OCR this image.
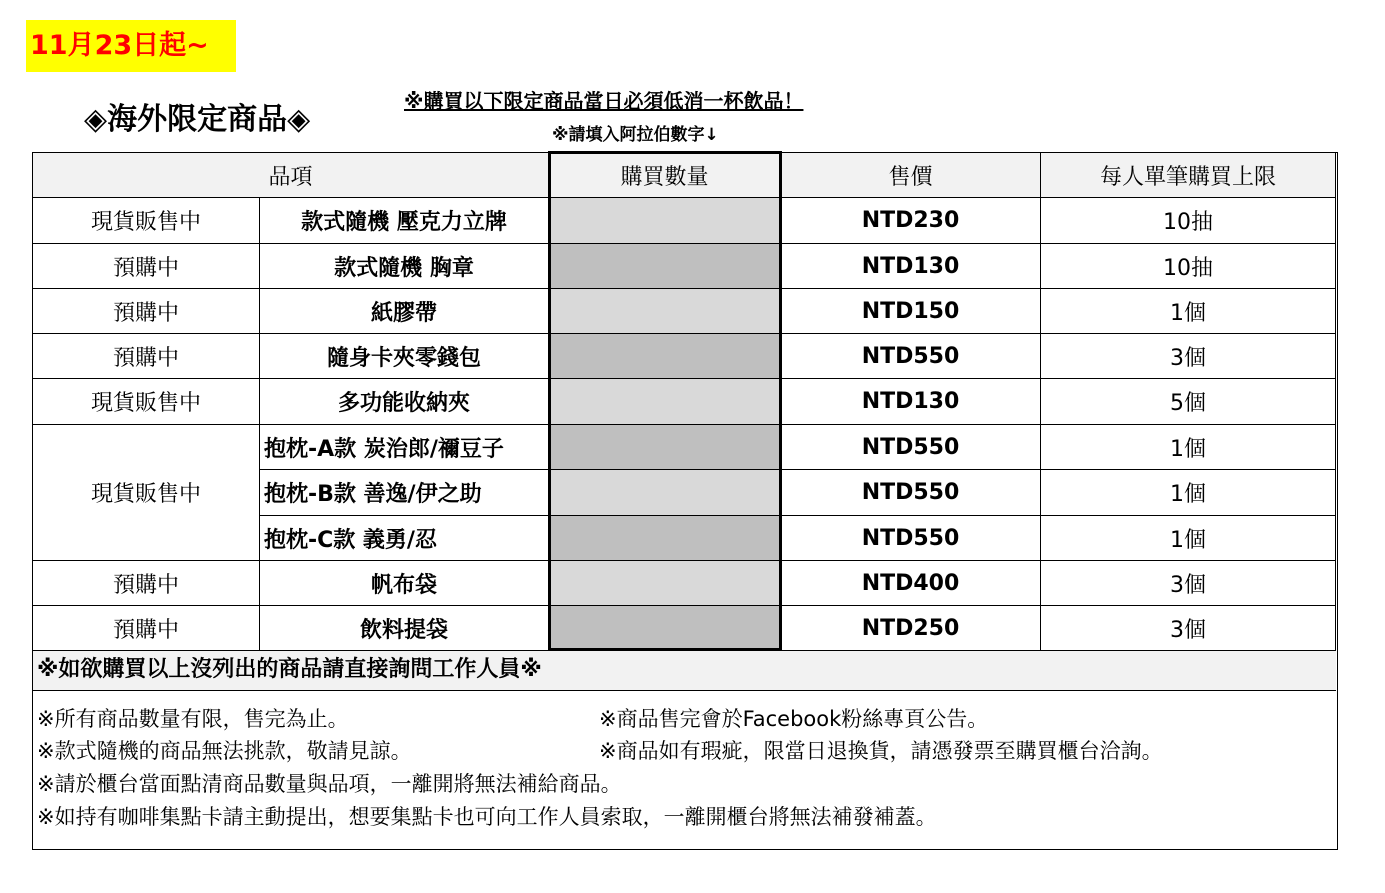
11月23日起~
◈海外限定商品◈
※購買以下限定商品當日必須低消一杯飲品！
※請填入阿拉伯數字↓
品項	購買數量	售價	每人單筆購買上限
現貨販售中	款式隨機 壓克力立牌	NTD230	10抽
預購中	款式隨機 胸章	NTD130	10抽
預購中	紙膠帶	NTD150	1個
預購中	隨身卡夾零錢包	NTD550	3個
現貨販售中	多功能收納夾	NTD130	5個
現貨販售中
抱枕-A款 炭治郎/禰豆子	NTD550	1個
抱枕-B款 善逸/伊之助	NTD550	1個
抱枕-C款 義勇/忍	NTD550	1個
預購中	帆布袋	NTD400	3個
預購中	飲料提袋	NTD250	3個
※如欲購買以上沒列出的商品請直接詢問工作人員※
※所有商品數量有限，售完為止。	※商品售完會於Facebook粉絲專頁公告。
※款式隨機的商品無法挑款，敬請見諒。	※商品如有瑕疵，限當日退換貨，請憑發票至購買櫃台洽詢。
※請於櫃台當面點清商品數量與品項，一離開將無法補給商品。
※如持有咖啡集點卡請主動提出，想要集點卡也可向工作人員索取，一離開櫃台將無法補發補蓋。
